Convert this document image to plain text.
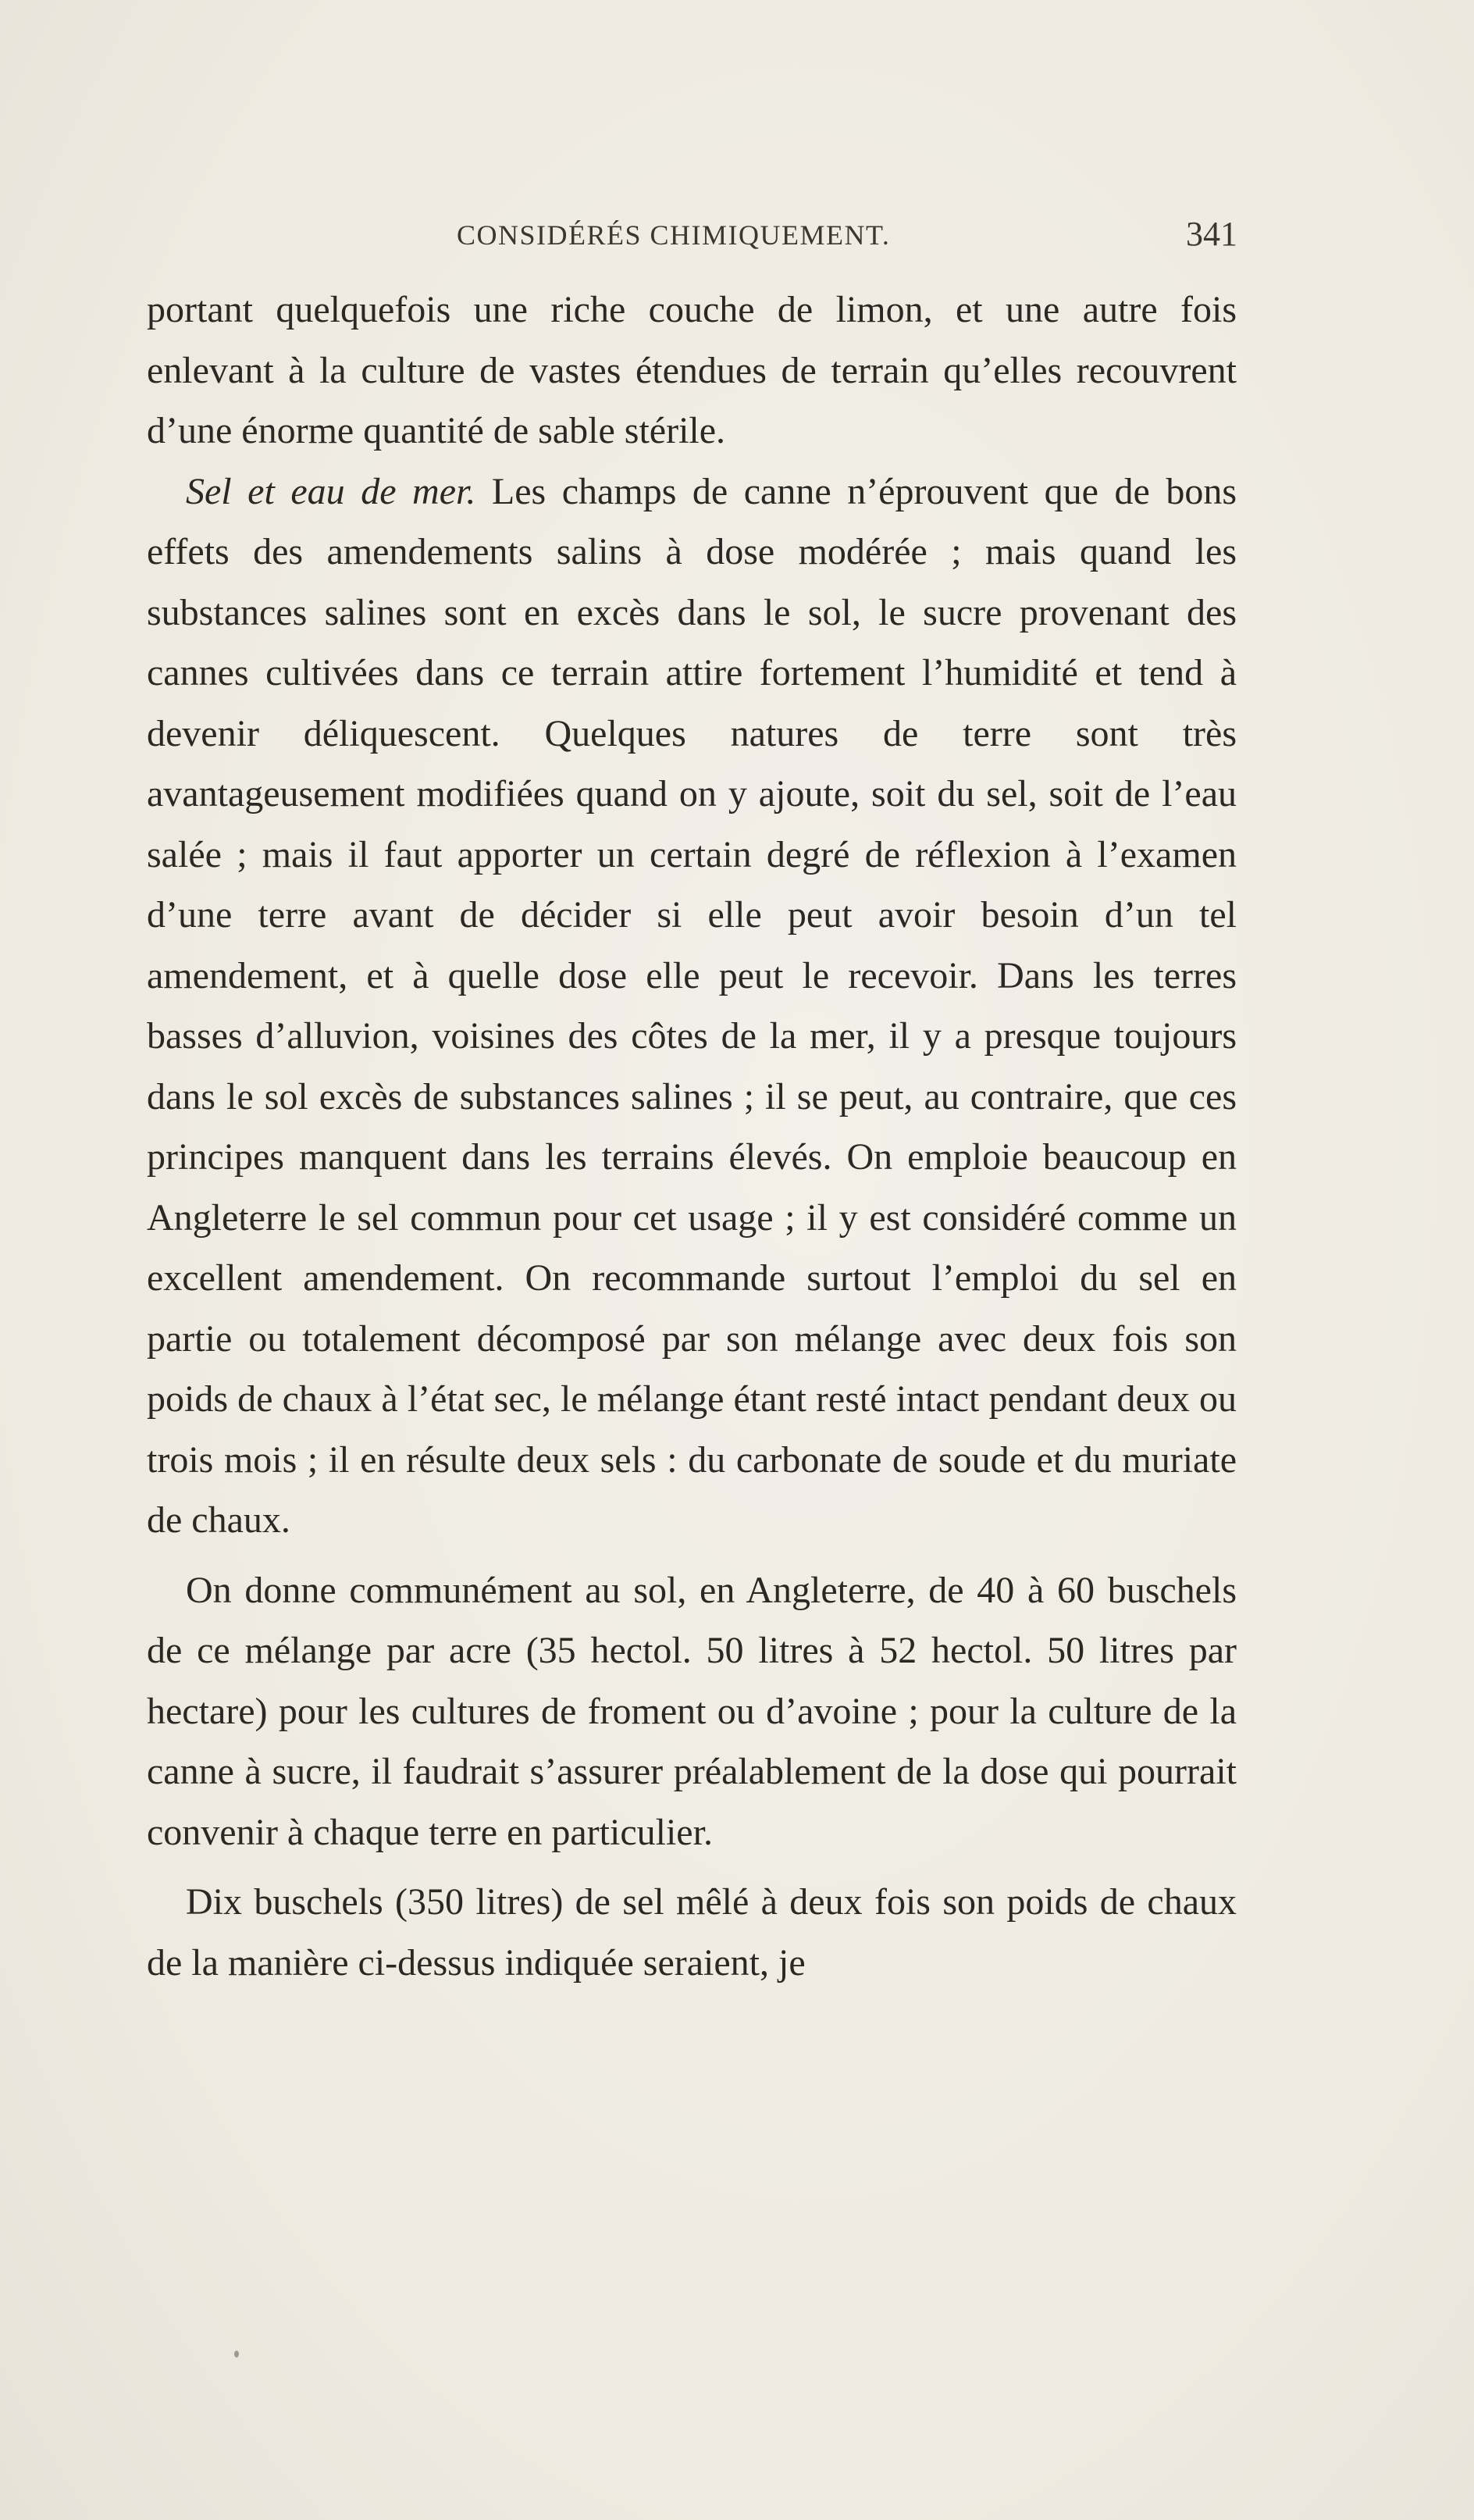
CONSIDÉRÉS CHIMIQUEMENT.	341

portant quelquefois une riche couche de limon, et une autre fois enlevant à la culture de vastes étendues de terrain qu’elles recouvrent d’une énorme quantité de sable stérile.

Sel et eau de mer. Les champs de canne n’éprouvent que de bons effets des amendements salins à dose modérée ; mais quand les substances salines sont en excès dans le sol, le sucre provenant des cannes cultivées dans ce terrain attire fortement l’humidité et tend à devenir déliquescent. Quelques natures de terre sont très avantageusement modifiées quand on y ajoute, soit du sel, soit de l’eau salée ; mais il faut apporter un certain degré de réflexion à l’examen d’une terre avant de décider si elle peut avoir besoin d’un tel amendement, et à quelle dose elle peut le recevoir. Dans les terres basses d’alluvion, voisines des côtes de la mer, il y a presque toujours dans le sol excès de substances salines ; il se peut, au contraire, que ces principes manquent dans les terrains élevés. On emploie beaucoup en Angleterre le sel commun pour cet usage ; il y est considéré comme un excellent amendement. On recommande surtout l’emploi du sel en partie ou totalement décomposé par son mélange avec deux fois son poids de chaux à l’état sec, le mélange étant resté intact pendant deux ou trois mois ; il en résulte deux sels : du carbonate de soude et du muriate de chaux.

On donne communément au sol, en Angleterre, de 40 à 60 buschels de ce mélange par acre (35 hectol. 50 litres à 52 hectol. 50 litres par hectare) pour les cultures de froment ou d’avoine ; pour la culture de la canne à sucre, il faudrait s’assurer préalablement de la dose qui pourrait convenir à chaque terre en particulier.

Dix buschels (350 litres) de sel mêlé à deux fois son poids de chaux de la manière ci-dessus indiquée seraient, je
